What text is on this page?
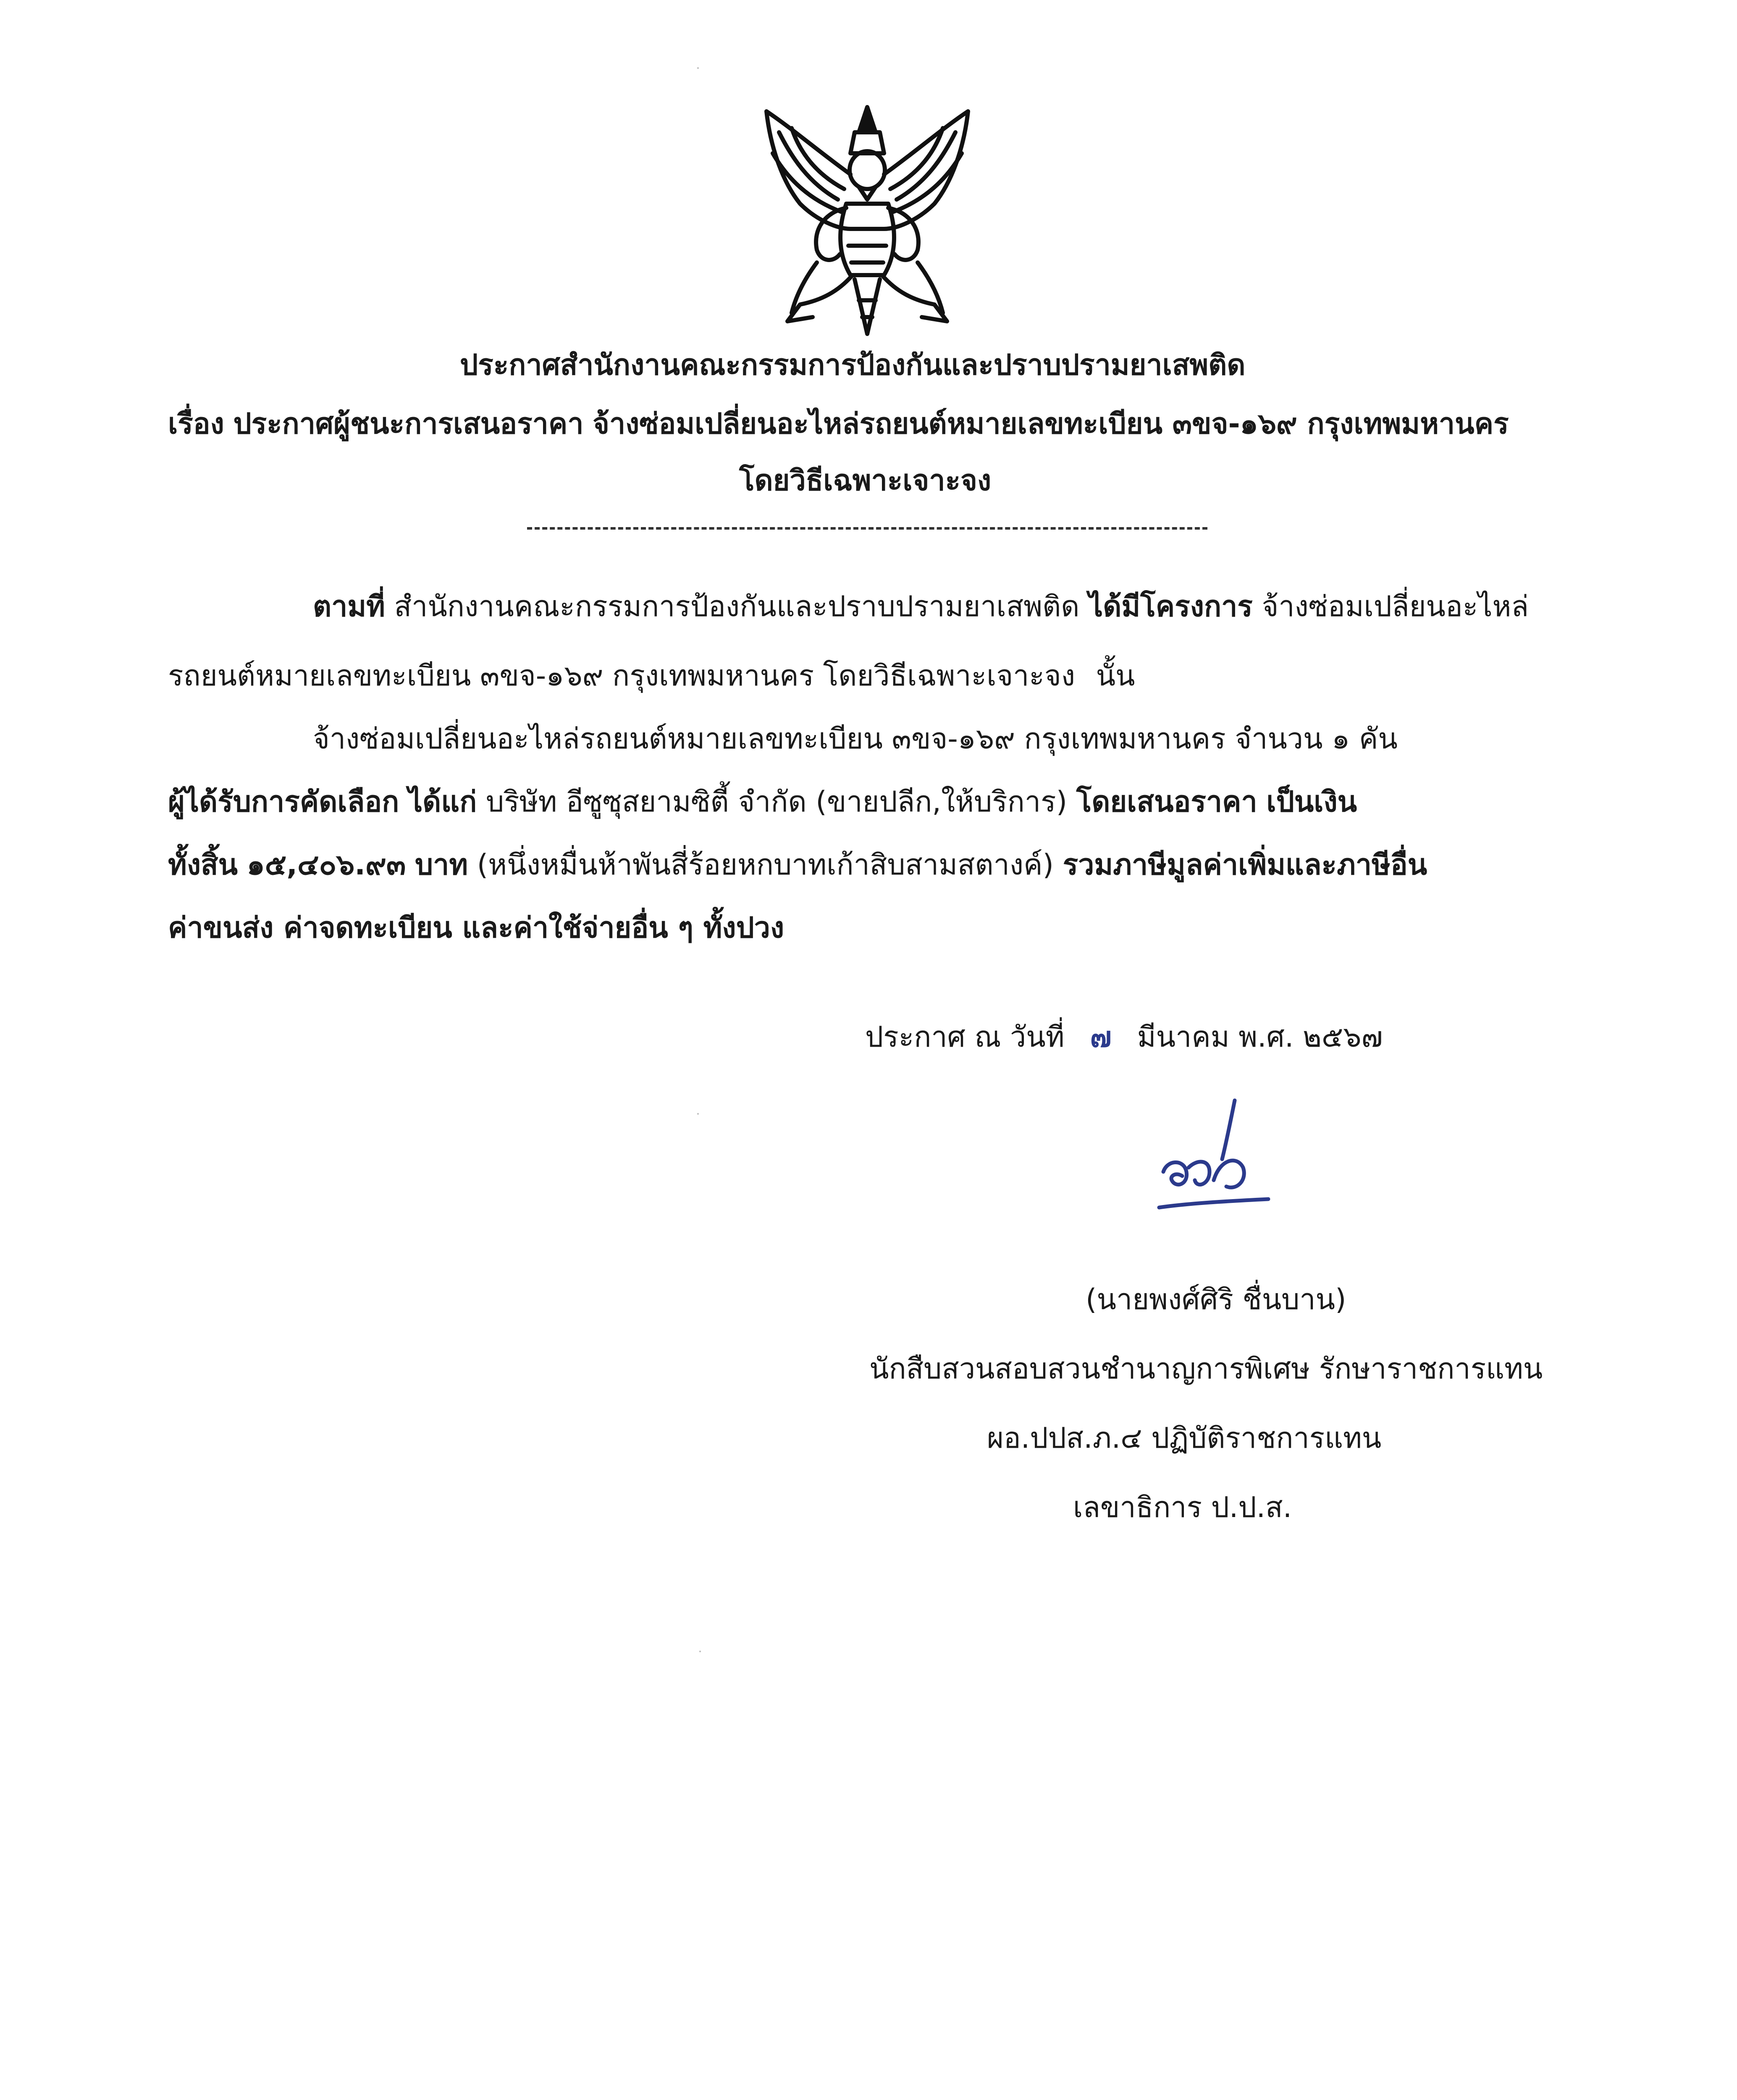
ประกาศสำนักงานคณะกรรมการป้องกันและปราบปรามยาเสพติด
เรื่อง ประกาศผู้ชนะการเสนอราคา จ้างซ่อมเปลี่ยนอะไหล่รถยนต์หมายเลขทะเบียน ๓ขจ-๑๖๙ กรุงเทพมหานคร
โดยวิธีเฉพาะเจาะจง
ตามที่ สำนักงานคณะกรรมการป้องกันและปราบปรามยาเสพติด ได้มีโครงการ จ้างซ่อมเปลี่ยนอะไหล่
รถยนต์หมายเลขทะเบียน ๓ขจ-๑๖๙ กรุงเทพมหานคร โดยวิธีเฉพาะเจาะจง นั้น
จ้างซ่อมเปลี่ยนอะไหล่รถยนต์หมายเลขทะเบียน ๓ขจ-๑๖๙ กรุงเทพมหานคร จำนวน ๑ คัน
ผู้ได้รับการคัดเลือก ได้แก่ บริษัท อีซูซุสยามซิตี้ จำกัด (ขายปลีก,ให้บริการ) โดยเสนอราคา เป็นเงิน
ทั้งสิ้น ๑๕,๔๐๖.๙๓ บาท (หนึ่งหมื่นห้าพันสี่ร้อยหกบาทเก้าสิบสามสตางค์) รวมภาษีมูลค่าเพิ่มและภาษีอื่น
ค่าขนส่ง ค่าจดทะเบียน และค่าใช้จ่ายอื่น ๆ ทั้งปวง
ประกาศ ณ วันที่ ๗ มีนาคม พ.ศ. ๒๕๖๗
(นายพงศ์ศิริ ชื่นบาน)
นักสืบสวนสอบสวนชำนาญการพิเศษ รักษาราชการแทน
ผอ.ปปส.ภ.๔ ปฏิบัติราชการแทน
เลขาธิการ ป.ป.ส.
